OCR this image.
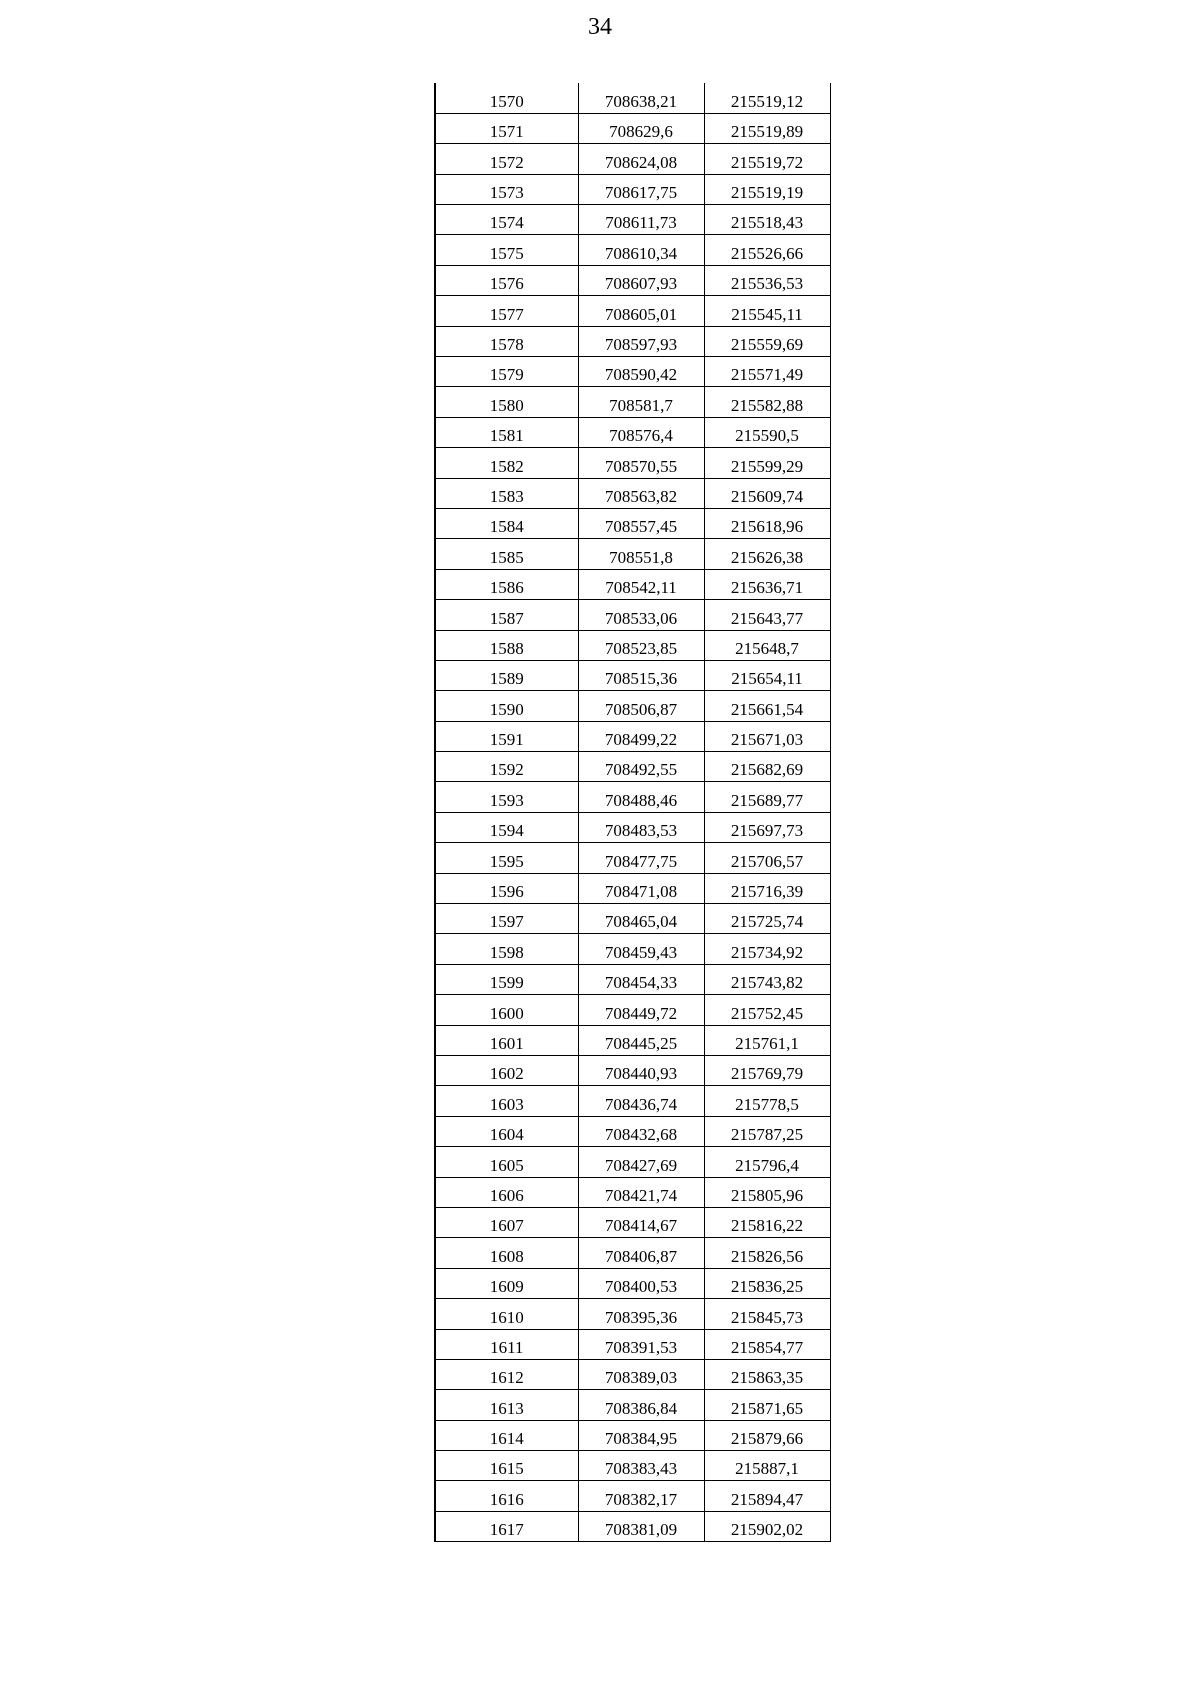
34
1570	708638,21	215519,12
1571	708629,6	215519,89
1572	708624,08	215519,72
1573	708617,75	215519,19
1574	708611,73	215518,43
1575	708610,34	215526,66
1576	708607,93	215536,53
1577	708605,01	215545,11
1578	708597,93	215559,69
1579	708590,42	215571,49
1580	708581,7	215582,88
1581	708576,4	215590,5
1582	708570,55	215599,29
1583	708563,82	215609,74
1584	708557,45	215618,96
1585	708551,8	215626,38
1586	708542,11	215636,71
1587	708533,06	215643,77
1588	708523,85	215648,7
1589	708515,36	215654,11
1590	708506,87	215661,54
1591	708499,22	215671,03
1592	708492,55	215682,69
1593	708488,46	215689,77
1594	708483,53	215697,73
1595	708477,75	215706,57
1596	708471,08	215716,39
1597	708465,04	215725,74
1598	708459,43	215734,92
1599	708454,33	215743,82
1600	708449,72	215752,45
1601	708445,25	215761,1
1602	708440,93	215769,79
1603	708436,74	215778,5
1604	708432,68	215787,25
1605	708427,69	215796,4
1606	708421,74	215805,96
1607	708414,67	215816,22
1608	708406,87	215826,56
1609	708400,53	215836,25
1610	708395,36	215845,73
1611	708391,53	215854,77
1612	708389,03	215863,35
1613	708386,84	215871,65
1614	708384,95	215879,66
1615	708383,43	215887,1
1616	708382,17	215894,47
1617	708381,09	215902,02
